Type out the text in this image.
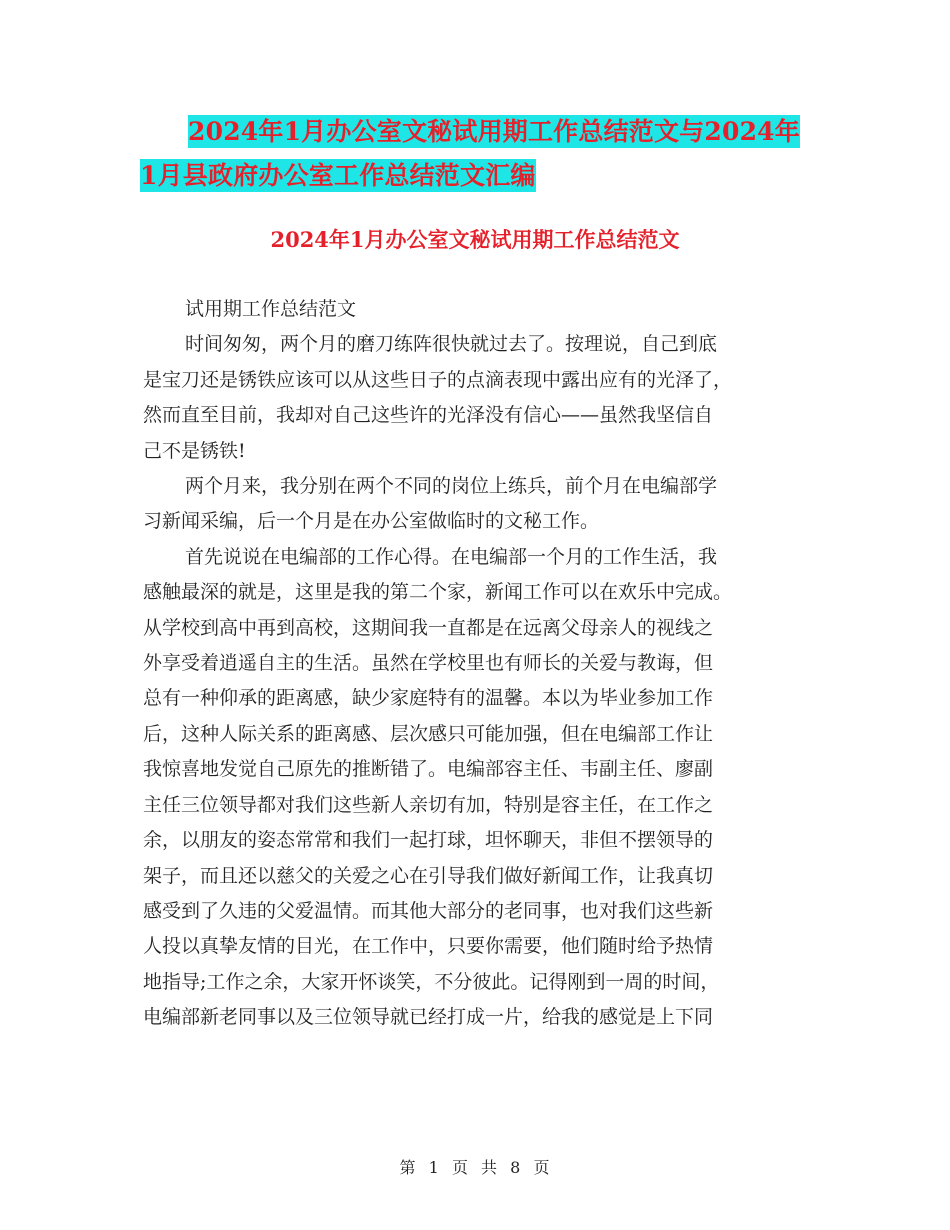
2024年1月办公室文秘试用期工作总结范文与2024年
1月县政府办公室工作总结范文汇编
2024年1月办公室文秘试用期工作总结范文
试用期工作总结范文
时间匆匆，两个月的磨刀练阵很快就过去了。按理说，自己到底
是宝刀还是锈铁应该可以从这些日子的点滴表现中露出应有的光泽了，
然而直至目前，我却对自己这些许的光泽没有信心——虽然我坚信自
己不是锈铁!
两个月来，我分别在两个不同的岗位上练兵，前个月在电编部学
习新闻采编，后一个月是在办公室做临时的文秘工作。
首先说说在电编部的工作心得。在电编部一个月的工作生活，我
感触最深的就是，这里是我的第二个家，新闻工作可以在欢乐中完成。
从学校到高中再到高校，这期间我一直都是在远离父母亲人的视线之
外享受着逍遥自主的生活。虽然在学校里也有师长的关爱与教诲，但
总有一种仰承的距离感，缺少家庭特有的温馨。本以为毕业参加工作
后，这种人际关系的距离感、层次感只可能加强，但在电编部工作让
我惊喜地发觉自己原先的推断错了。电编部容主任、韦副主任、廖副
主任三位领导都对我们这些新人亲切有加，特别是容主任，在工作之
余，以朋友的姿态常常和我们一起打球，坦怀聊天，非但不摆领导的
架子，而且还以慈父的关爱之心在引导我们做好新闻工作，让我真切
感受到了久违的父爱温情。而其他大部分的老同事，也对我们这些新
人投以真挚友情的目光，在工作中，只要你需要，他们随时给予热情
地指导;工作之余，大家开怀谈笑，不分彼此。记得刚到一周的时间，
电编部新老同事以及三位领导就已经打成一片，给我的感觉是上下同
第 1 页 共 8 页
